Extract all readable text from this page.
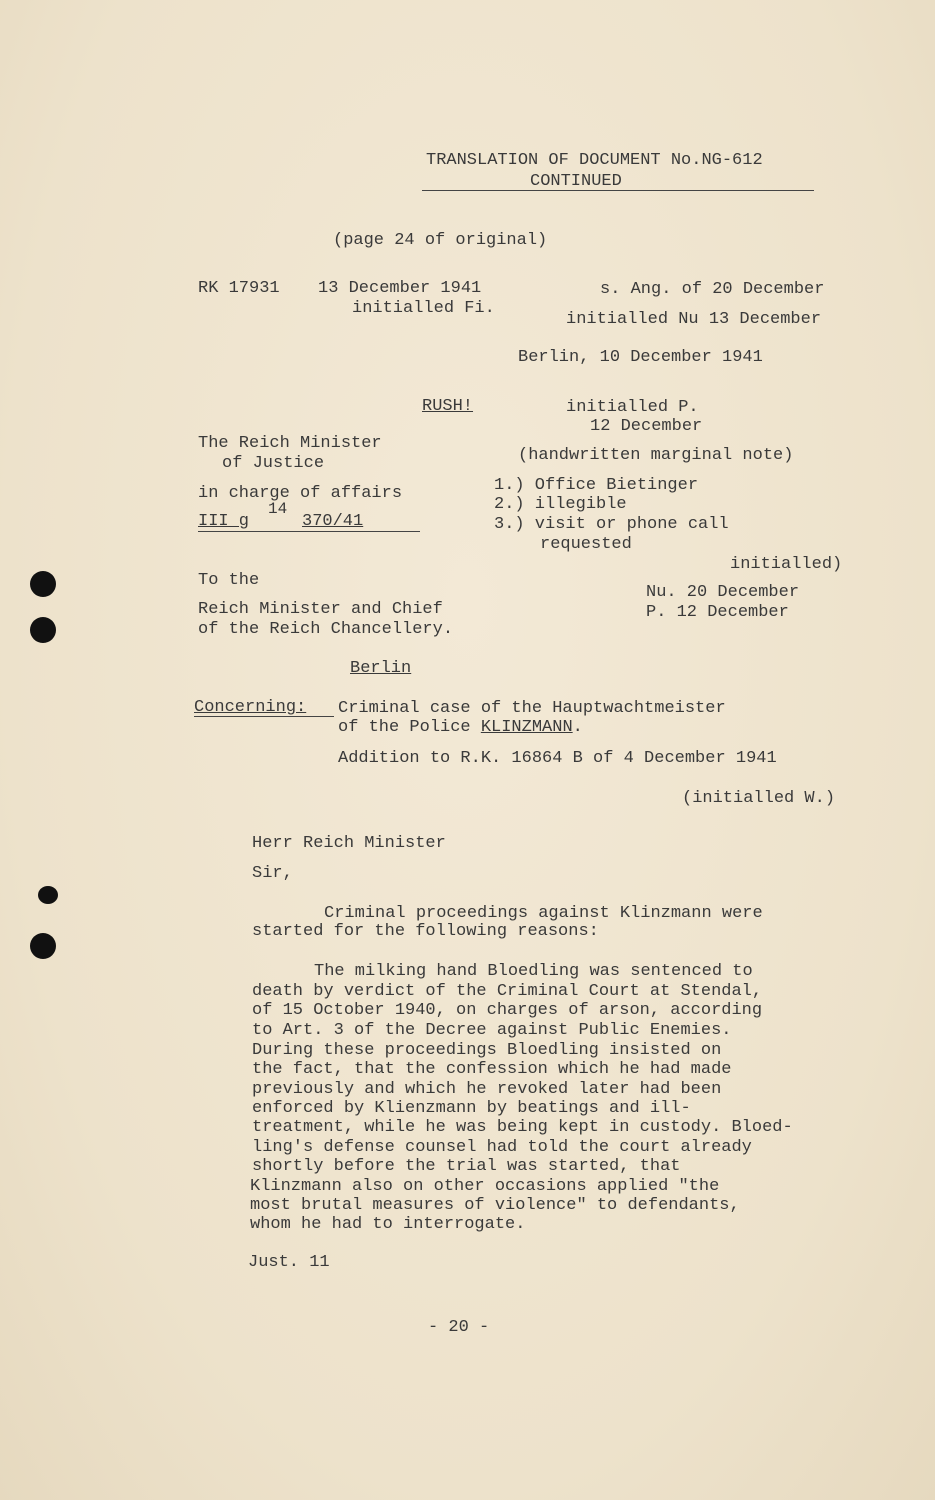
TRANSLATION OF DOCUMENT No.NG-612
CONTINUED
(page 24 of original)
RK 17931 13 December 1941
initialled Fi.
s. Ang. of 20 December
initialled Nu 13 December
Berlin, 10 December 1941
RUSH!	initialled P.
12 December
The Reich Minister
of Justice
in charge of affairs
III g
14
370/41
(handwritten marginal note)
1.) Office Bietinger
2.) illegible
3.) visit or phone call
requested
initialled)
Nu. 20 December
P. 12 December
To the
Reich Minister and Chief
of the Reich Chancellery.
Berlin
Concerning: Criminal case of the Hauptwachtmeister
of the Police KLINZMANN.
Addition to R.K. 16864 B of 4 December 1941
(initialled W.)
Herr Reich Minister
Sir,
Criminal proceedings against Klinzmann were
started for the following reasons:
The milking hand Bloedling was sentenced to
death by verdict of the Criminal Court at Stendal,
of 15 October 1940, on charges of arson, according
to Art. 3 of the Decree against Public Enemies.
During these proceedings Bloedling insisted on
the fact, that the confession which he had made
previously and which he revoked later had been
enforced by Klienzmann by beatings and ill-
treatment, while he was being kept in custody. Bloed-
ling's defense counsel had told the court already
shortly before the trial was started, that
Klinzmann also on other occasions applied "the
most brutal measures of violence" to defendants,
whom he had to interrogate.
Just. 11
- 20 -
